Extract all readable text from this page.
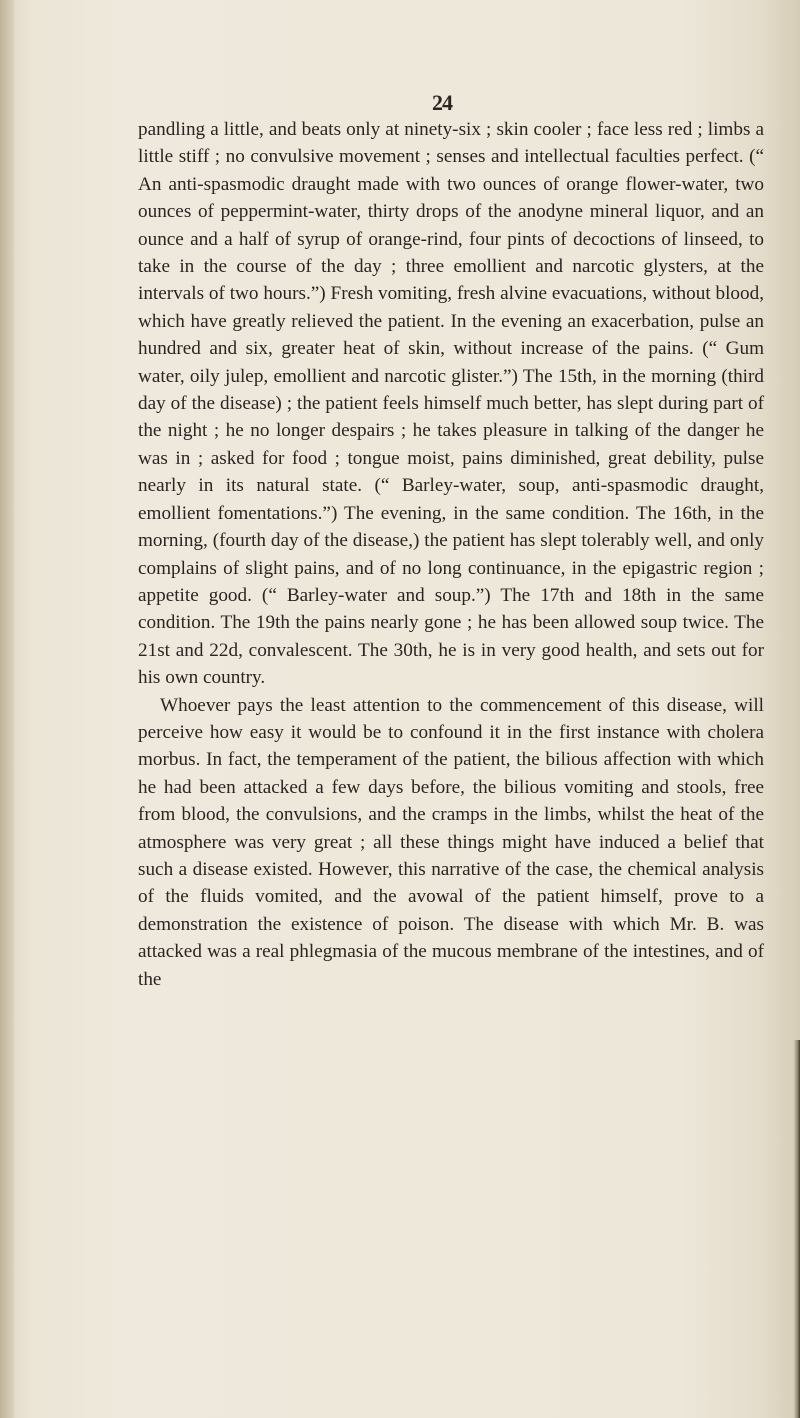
24

pandling a little, and beats only at ninety-six ; skin cooler ; face less red ; limbs a little stiff ; no convulsive movement ; senses and intellectual faculties perfect. (“ An anti-spasmodic draught made with two ounces of orange flower-water, two ounces of peppermint-water, thirty drops of the anodyne mineral liquor, and an ounce and a half of syrup of orange-rind, four pints of decoctions of linseed, to take in the course of the day ; three emollient and narcotic glysters, at the intervals of two hours.”) Fresh vomiting, fresh alvine evacuations, without blood, which have greatly relieved the patient. In the evening an exacerbation, pulse an hundred and six, greater heat of skin, without increase of the pains. (“ Gum water, oily julep, emollient and narcotic glister.”) The 15th, in the morning (third day of the disease) ; the patient feels himself much better, has slept during part of the night ; he no longer despairs ; he takes pleasure in talking of the danger he was in ; asked for food ; tongue moist, pains diminished, great debility, pulse nearly in its natural state. (“ Barley-water, soup, anti-spasmodic draught, emollient fomentations.”) The evening, in the same condition. The 16th, in the morning, (fourth day of the disease,) the patient has slept tolerably well, and only complains of slight pains, and of no long continuance, in the epigastric region ; appetite good. (“ Barley-water and soup.”) The 17th and 18th in the same condition. The 19th the pains nearly gone ; he has been allowed soup twice. The 21st and 22d, convalescent. The 30th, he is in very good health, and sets out for his own country.

Whoever pays the least attention to the commencement of this disease, will perceive how easy it would be to confound it in the first instance with cholera morbus. In fact, the temperament of the patient, the bilious affection with which he had been attacked a few days before, the bilious vomiting and stools, free from blood, the convulsions, and the cramps in the limbs, whilst the heat of the atmosphere was very great ; all these things might have induced a belief that such a disease existed. However, this narrative of the case, the chemical analysis of the fluids vomited, and the avowal of the patient himself, prove to a demonstration the existence of poison. The disease with which Mr. B. was attacked was a real phlegmasia of the mucous membrane of the intestines, and of the
